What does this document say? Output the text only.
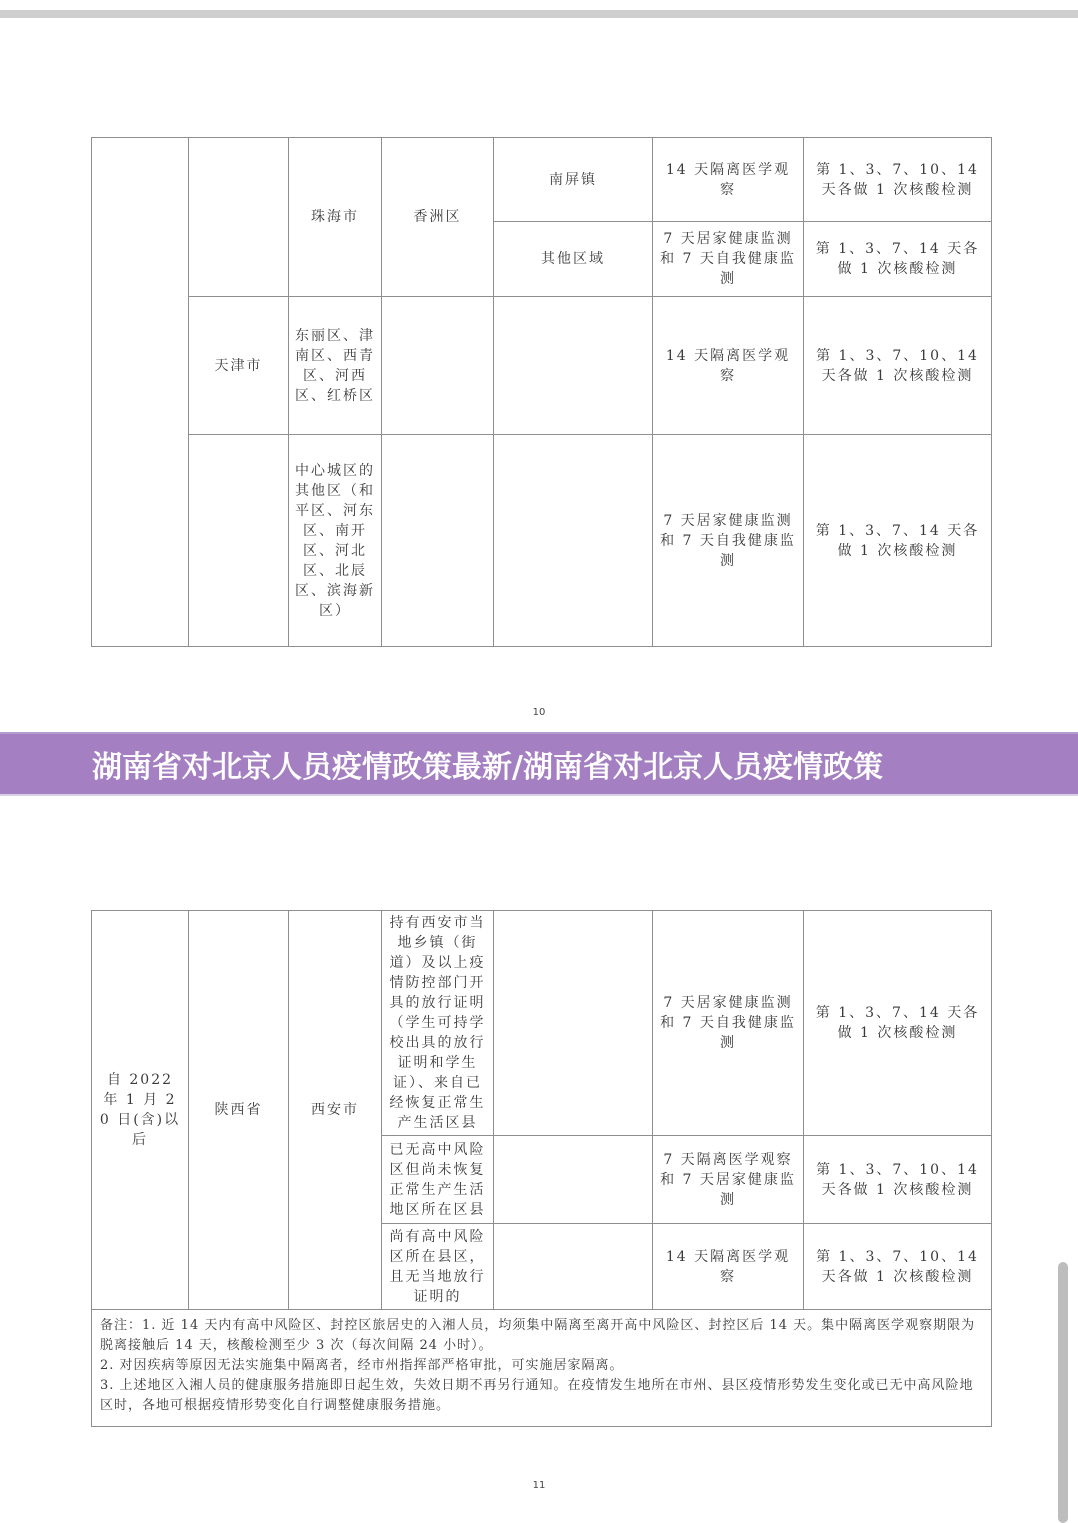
		珠海市	香洲区	南屏镇	14 天隔离医学观察	第 1、3、7、10、14 天各做 1 次核酸检测
				其他区域	7 天居家健康监测和 7 天自我健康监测	第 1、3、7、14 天各做 1 次核酸检测
	天津市	东丽区、津南区、西青区、河西区、红桥区			14 天隔离医学观察	第 1、3、7、10、14 天各做 1 次核酸检测
		中心城区的其他区（和平区、河东区、南开区、河北区、北辰区、滨海新区）			7 天居家健康监测和 7 天自我健康监测	第 1、3、7、14 天各做 1 次核酸检测
10
湖南省对北京人员疫情政策最新/湖南省对北京人员疫情政策
自 2022 年 1 月 20 日(含)以后	陕西省	西安市	持有西安市当地乡镇（街道）及以上疫情防控部门开具的放行证明（学生可持学校出具的放行证明和学生证）、来自已经恢复正常生产生活区县		7 天居家健康监测和 7 天自我健康监测	第 1、3、7、14 天各做 1 次核酸检测
			已无高中风险区但尚未恢复正常生产生活地区所在区县		7 天隔离医学观察和 7 天居家健康监测	第 1、3、7、10、14 天各做 1 次核酸检测
			尚有高中风险区所在县区，且无当地放行证明的		14 天隔离医学观察	第 1、3、7、10、14 天各做 1 次核酸检测

备注：1. 近 14 天内有高中风险区、封控区旅居史的入湘人员，均须集中隔离至离开高中风险区、封控区后 14 天。集中隔离医学观察期限为脱离接触后 14 天，核酸检测至少 3 次（每次间隔 24 小时）。
2. 对因疾病等原因无法实施集中隔离者，经市州指挥部严格审批，可实施居家隔离。
3. 上述地区入湘人员的健康服务措施即日起生效，失效日期不再另行通知。在疫情发生地所在市州、县区疫情形势发生变化或已无中高风险地区时，各地可根据疫情形势变化自行调整健康服务措施。						
11
